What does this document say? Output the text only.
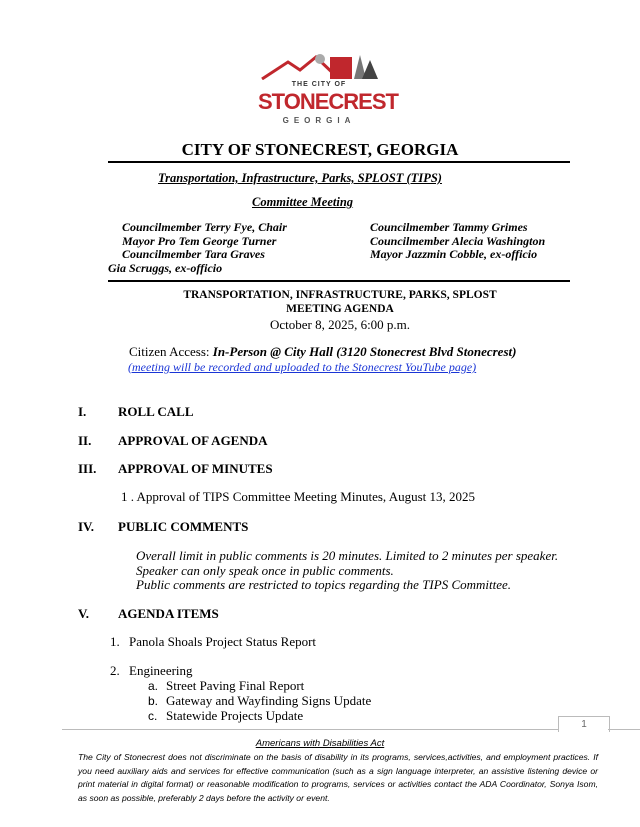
THE CITY OF
STONECREST
GEORGIA
CITY OF STONECREST, GEORGIA
Transportation, Infrastructure, Parks, SPLOST (TIPS)
Committee Meeting
Councilmember Terry Fye, Chair
Mayor Pro Tem George Turner
Councilmember Tara Graves
Gia Scruggs, ex-officio
Councilmember Tammy Grimes
Councilmember Alecia Washington
Mayor Jazzmin Cobble, ex-officio
TRANSPORTATION, INFRASTRUCTURE, PARKS, SPLOST
MEETING AGENDA
October 8, 2025, 6:00 p.m.
Citizen Access: In-Person @ City Hall (3120 Stonecrest Blvd Stonecrest)
(meeting will be recorded and uploaded to the Stonecrest YouTube page)
I. ROLL CALL
II. APPROVAL OF AGENDA
III. APPROVAL OF MINUTES
1 . Approval of TIPS Committee Meeting Minutes, August 13, 2025
IV. PUBLIC COMMENTS
Overall limit in public comments is 20 minutes. Limited to 2 minutes per speaker.
Speaker can only speak once in public comments.
Public comments are restricted to topics regarding the TIPS Committee.
V. AGENDA ITEMS
1. Panola Shoals Project Status Report
2. Engineering
a. Street Paving Final Report
b. Gateway and Wayfinding Signs Update
c. Statewide Projects Update
1
Americans with Disabilities Act
The City of Stonecrest does not discriminate on the basis of disability in its programs, services,activities, and employment practices. If you need auxiliary aids and services for effective communication (such as a sign language interpreter, an assistive listening device or print material in digital format) or reasonable modification to programs, services or activities contact the ADA Coordinator, Sonya Isom, as soon as possible, preferably 2 days before the activity or event.
